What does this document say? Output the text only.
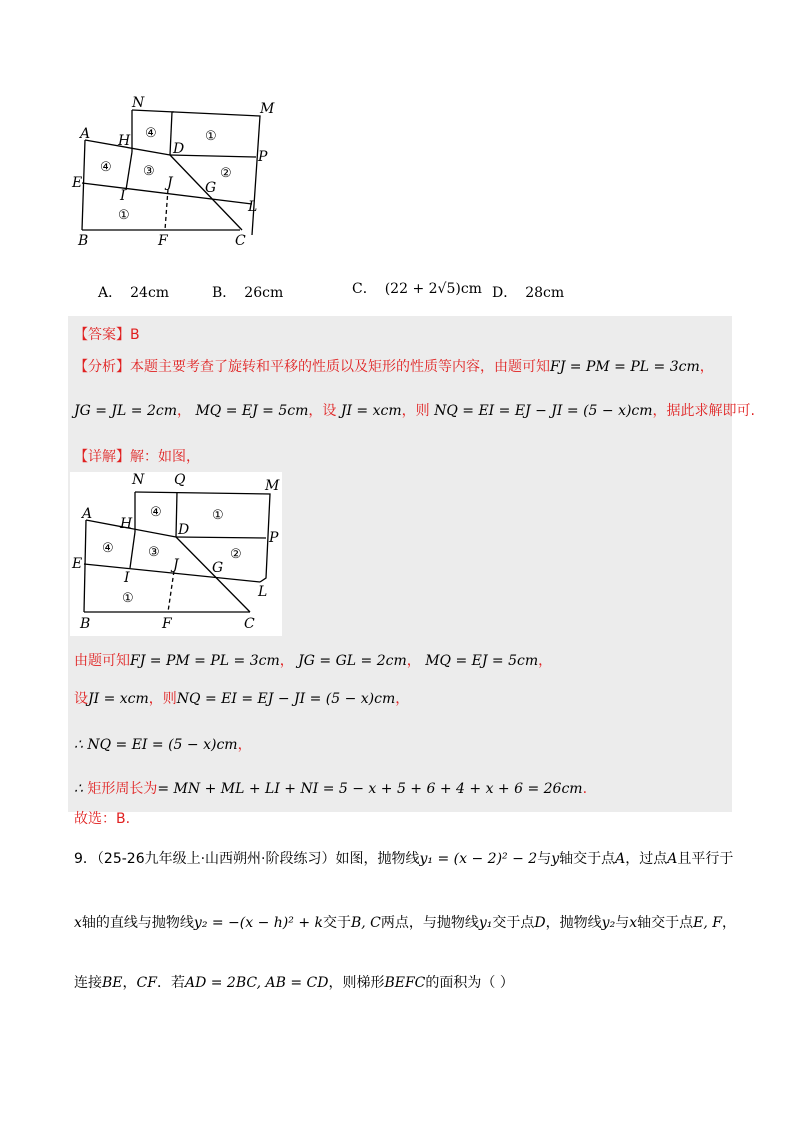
N	M
A H	D	P
E
I
J G
L
B	F	C
④	①
④ ③	②
①
A． 24cm	B． 26cm	C． (22 + 2√5)cm D． 28cm
【答案】B
【分析】本题主要考查了旋转和平移的性质以及矩形的性质等内容，由题可知FJ = PM = PL = 3cm，
JG = JL = 2cm， MQ = EJ = 5cm，设 JI = xcm，则 NQ = EI = EJ − JI = (5 − x)cm，据此求解即可.
【详解】解：如图，
N Q	M
A
H	D	P
E
I
J G
L
B	F	C
④	①
④	③	②
①
由题可知FJ = PM = PL = 3cm， JG = GL = 2cm， MQ = EJ = 5cm，
设JI = xcm，则NQ = EI = EJ − JI = (5 − x)cm，
∴ NQ = EI = (5 − x)cm，
∴ 矩形周长为= MN + ML + LI + NI = 5 − x + 5 + 6 + 4 + x + 6 = 26cm.
故选：B.
9．（25-26九年级上·山西朔州·阶段练习）如图，抛物线y₁ = (x − 2)² − 2与y轴交于点A，过点A且平行于
x轴的直线与抛物线y₂ = −(x − h)² + k交于B, C两点，与抛物线y₁交于点D，抛物线y₂与x轴交于点E, F，
连接BE，CF．若AD = 2BC, AB = CD，则梯形BEFC的面积为（ ）
